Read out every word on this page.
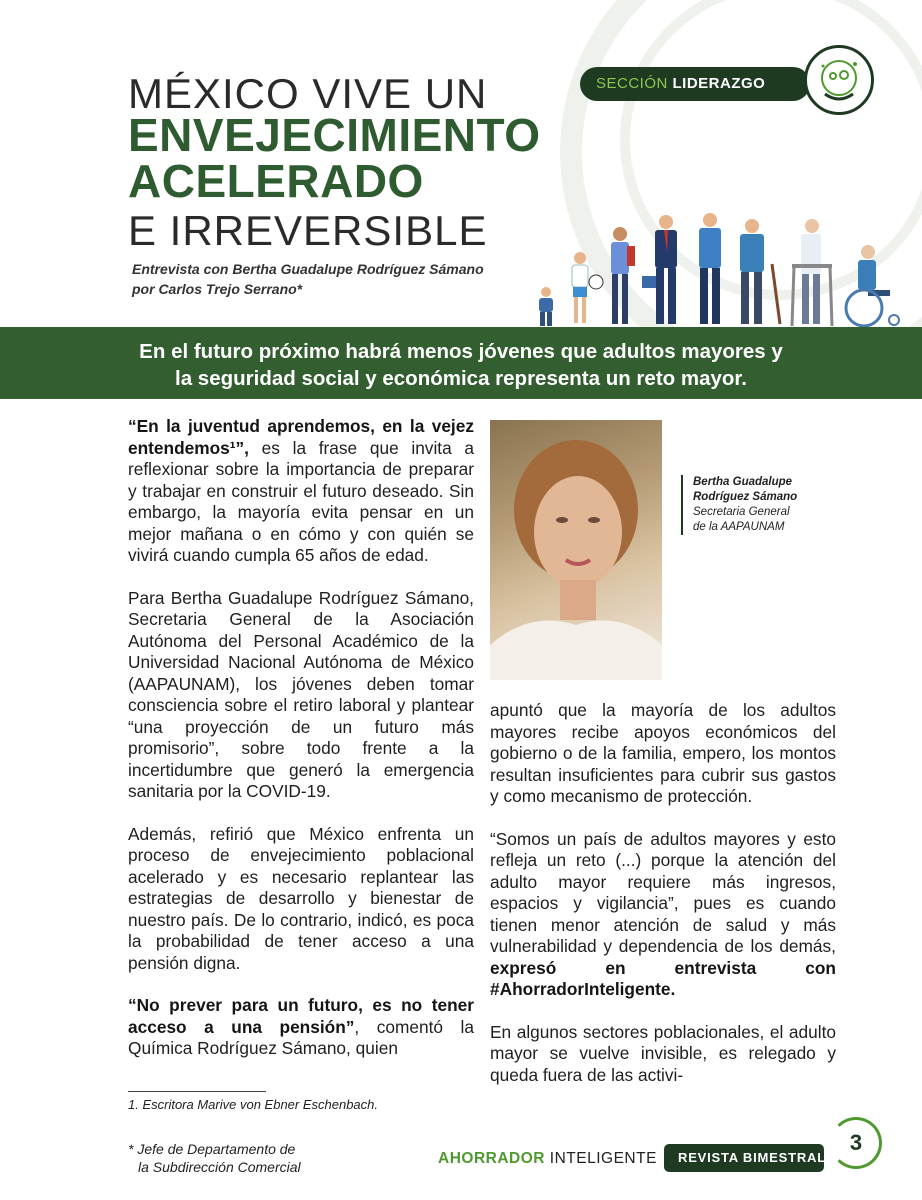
SECCIÓN LIDERAZGO
MÉXICO VIVE UN
ENVEJECIMIENTO
ACELERADO
E IRREVERSIBLE
Entrevista con Bertha Guadalupe Rodríguez Sámano
por Carlos Trejo Serrano*
En el futuro próximo habrá menos jóvenes que adultos mayores y
la seguridad social y económica representa un reto mayor.

“En la juventud aprendemos, en la vejez entendemos¹”, es la frase que invita a reflexionar sobre la importancia de preparar y trabajar en construir el futuro deseado. Sin embargo, la mayoría evita pensar en un mejor mañana o en cómo y con quién se vivirá cuando cumpla 65 años de edad.

Para Bertha Guadalupe Rodríguez Sámano, Secretaria General de la Asociación Autónoma del Personal Académico de la Universidad Nacional Autónoma de México (AAPAUNAM), los jóvenes deben tomar consciencia sobre el retiro laboral y plantear “una proyección de un futuro más promisorio”, sobre todo frente a la incertidumbre que generó la emergencia sanitaria por la COVID-19.

Además, refirió que México enfrenta un proceso de envejecimiento poblacional acelerado y es necesario replantear las estrategias de desarrollo y bienestar de nuestro país. De lo contrario, indicó, es poca la probabilidad de tener acceso a una pensión digna.

“No prever para un futuro, es no tener acceso a una pensión”, comentó la Química Rodríguez Sámano, quien

1. Escritora Marive von Ebner Eschenbach.
Bertha Guadalupe
Rodríguez Sámano
Secretaria General
de la AAPAUNAM

apuntó que la mayoría de los adultos mayores recibe apoyos económicos del gobierno o de la familia, empero, los montos resultan insuficientes para cubrir sus gastos y como mecanismo de protección.

“Somos un país de adultos mayores y esto refleja un reto (...) porque la atención del adulto mayor requiere más ingresos, espacios y vigilancia”, pues es cuando tienen menor atención de salud y más vulnerabilidad y dependencia de los demás, expresó en entrevista con #AhorradorInteligente.

En algunos sectores poblacionales, el adulto mayor se vuelve invisible, es relegado y queda fuera de las activi-

* Jefe de Departamento de
la Subdirección Comercial	AHORRADOR INTELIGENTE	REVISTA BIMESTRAL
3
